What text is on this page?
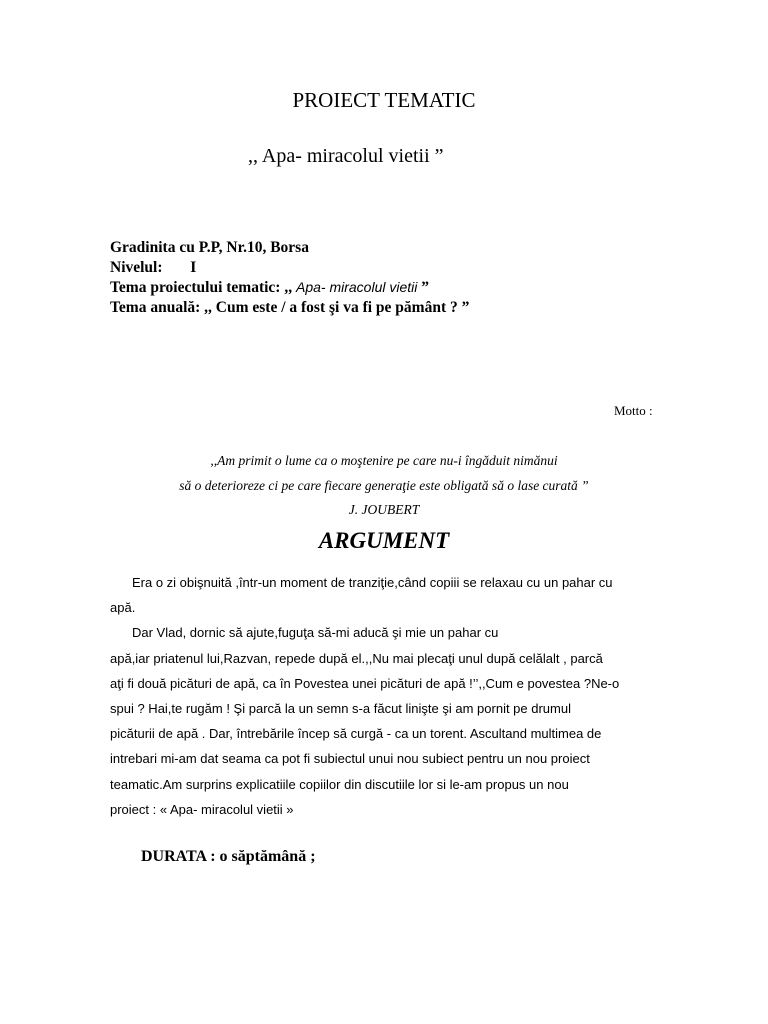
PROIECT TEMATIC
,, Apa- miracolul vietii ”
Gradinita cu P.P, Nr.10, Borsa
Nivelul: I
Tema proiectului tematic: ,, Apa- miracolul vietii ”
Tema anuală: ,, Cum este / a fost şi va fi pe pământ ? ”
Motto :
,,Am primit o lume ca o moştenire pe care nu-i îngăduit nimănui
să o deterioreze ci pe care fiecare generaţie este obligată să o lase curată ”
J. JOUBERT
ARGUMENT
Era o zi obişnuită ,într-un moment de tranziţie,când copiii se relaxau cu un pahar cu
apă.
Dar Vlad, dornic să ajute,fuguţa să-mi aducă şi mie un pahar cu
apă,iar priatenul lui,Razvan, repede după el.,,Nu mai plecaţi unul după celălalt , parcă
aţi fi două picături de apă, ca în Povestea unei picături de apă !’’,,Cum e povestea ?Ne-o
spui ? Hai,te rugăm ! Şi parcă la un semn s-a făcut linişte şi am pornit pe drumul
picăturii de apă . Dar, întrebările încep să curgă - ca un torent. Ascultand multimea de
intrebari mi-am dat seama ca pot fi subiectul unui nou subiect pentru un nou proiect
teamatic.Am surprins explicatiile copiilor din discutiile lor si le-am propus un nou
proiect : « Apa- miracolul vietii »
DURATA : o săptămână ;
